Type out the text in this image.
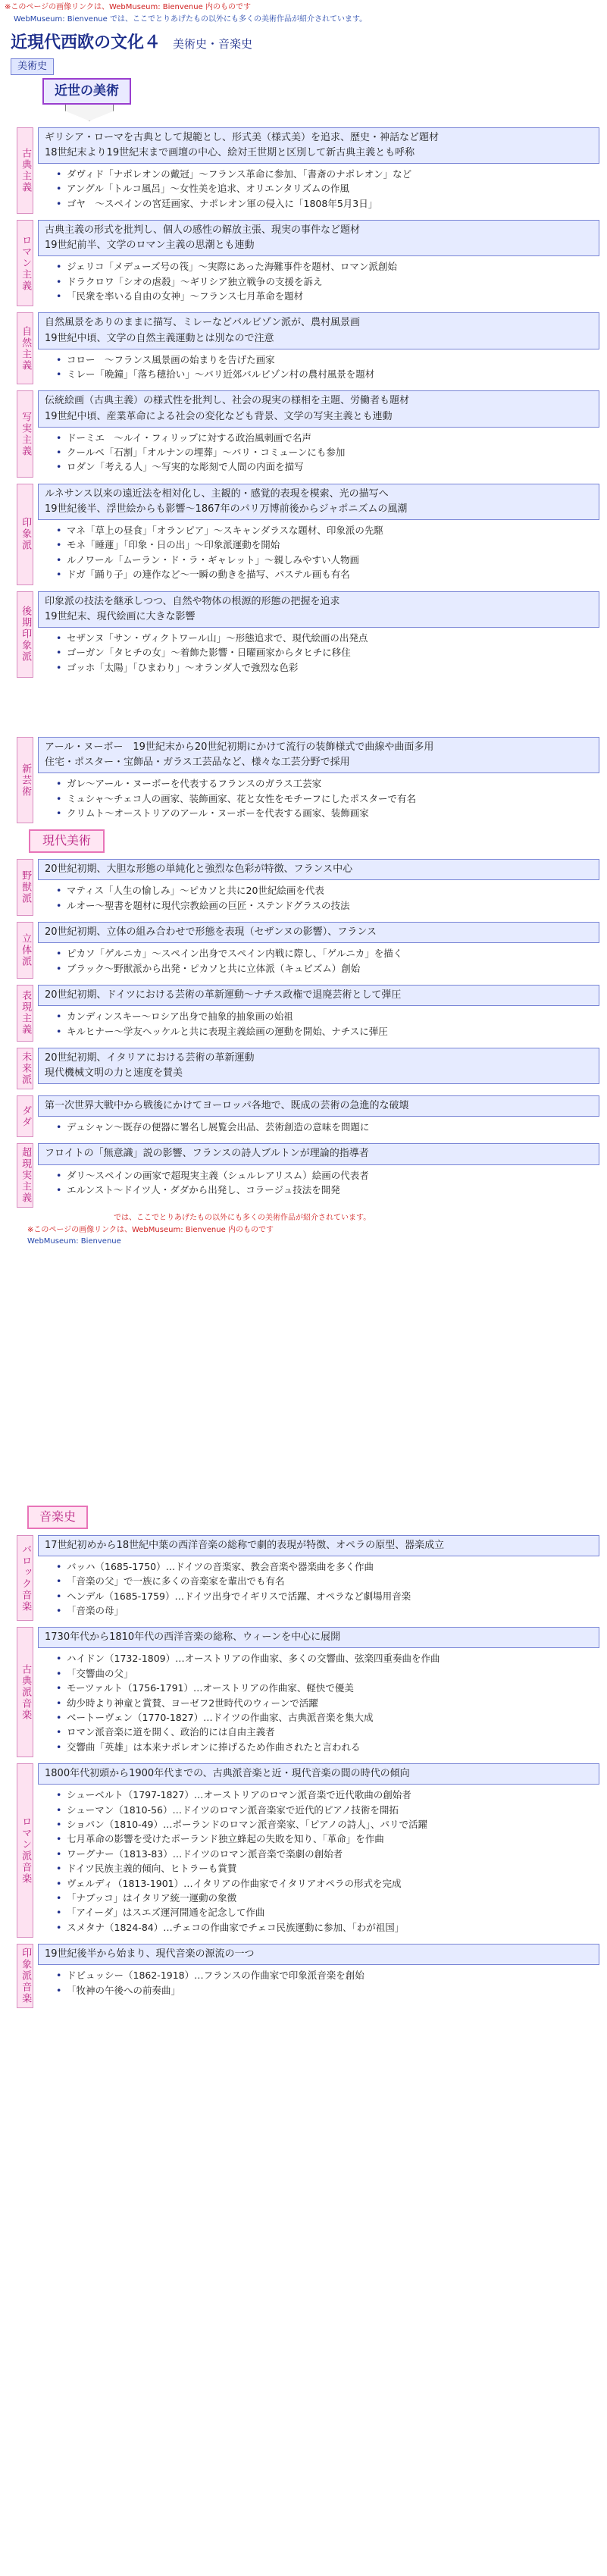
※このページの画像リンクは、WebMuseum: Bienvenue 内のものです
WebMuseum: Bienvenue では、ここでとりあげたもの以外にも多くの美術作品が紹介されています。
近現代西欧の文化４ 美術史・音楽史
美術史
近世の美術
古典主義
ギリシア・ローマを古典として規範とし、形式美（様式美）を追求、歴史・神話など題材
18世紀末より19世紀末まで画壇の中心、絵対王世期と区別して新古典主義とも呼称
• ダヴィド「ナポレオンの戴冠」〜フランス革命に参加、「書斎のナポレオン」など
• アングル「トルコ風呂」〜女性美を追求、オリエンタリズムの作風
• ゴヤ　〜スペインの宮廷画家、ナポレオン軍の侵入に「1808年5月3日」
ロマン主義
古典主義の形式を批判し、個人の感性の解放主張、現実の事件など題材
19世紀前半、文学のロマン主義の思潮とも連動
• ジェリコ「メデューズ号の筏」〜実際にあった海難事件を題材、ロマン派創始
• ドラクロワ「シオの虐殺」〜ギリシア独立戦争の支援を訴え
• 「民衆を率いる自由の女神」〜フランス七月革命を題材
自然主義
自然風景をありのままに描写、ミレーなどバルビゾン派が、農村風景画
19世紀中頃、文学の自然主義運動とは別なので注意
• コロー　〜フランス風景画の始まりを告げた画家
• ミレー「晩鐘」「落ち穂拾い」〜パリ近郊バルビゾン村の農村風景を題材
写実主義
伝統絵画（古典主義）の様式性を批判し、社会の現実の様相を主題、労働者も題材
19世紀中頃、産業革命による社会の変化なども背景、文学の写実主義とも連動
• ドーミエ　〜ルイ・フィリップに対する政治風刺画で名声
• クールベ「石割」「オルナンの埋葬」〜パリ・コミューンにも参加
• ロダン「考える人」〜写実的な彫刻で人間の内面を描写
印象派
ルネサンス以来の遠近法を相対化し、主観的・感覚的表現を模索、光の描写へ
19世紀後半、浮世絵からも影響〜1867年のパリ万博前後からジャポニズムの風潮
• マネ「草上の昼食」「オランピア」〜スキャンダラスな題材、印象派の先駆
• モネ「睡蓮」「印象・日の出」〜印象派運動を開始
• ルノワール「ムーラン・ド・ラ・ギャレット」〜親しみやすい人物画
• ドガ「踊り子」の連作など〜一瞬の動きを描写、パステル画も有名
後期印象派
印象派の技法を継承しつつ、自然や物体の根源的形態の把握を追求
19世紀末、現代絵画に大きな影響
• セザンヌ「サン・ヴィクトワール山」〜形態追求で、現代絵画の出発点
• ゴーガン「タヒチの女」〜着飾た影響・日曜画家からタヒチに移住
• ゴッホ「太陽」「ひまわり」〜オランダ人で強烈な色彩
新芸術
アール・ヌーボー　19世紀末から20世紀初期にかけて流行の装飾様式で曲線や曲面多用
住宅・ポスター・宝飾品・ガラス工芸品など、様々な工芸分野で採用
• ガレ〜アール・ヌーボーを代表するフランスのガラス工芸家
• ミュシャ〜チェコ人の画家、装飾画家、花と女性をモチーフにしたポスターで有名
• クリムト〜オーストリアのアール・ヌーボーを代表する画家、装飾画家
現代美術
野獣派
20世紀初期、大胆な形態の単純化と強烈な色彩が特徴、フランス中心
• マティス「人生の愉しみ」〜ピカソと共に20世紀絵画を代表
• ルオー〜聖書を題材に現代宗教絵画の巨匠・ステンドグラスの技法
立体派
20世紀初期、立体の組み合わせで形態を表現（セザンヌの影響）、フランス
• ピカソ「ゲルニカ」〜スペイン出身でスペイン内戦に際し、「ゲルニカ」を描く
• ブラック〜野獣派から出発・ピカソと共に立体派（キュビズム）創始
表現主義 20世紀初期、ドイツにおける芸術の革新運動〜ナチス政権で退廃芸術として弾圧
• カンディンスキー〜ロシア出身で抽象的抽象画の始祖
• キルヒナー〜学友ヘッケルと共に表現主義絵画の運動を開始、ナチスに弾圧
未来派 20世紀初期、イタリアにおける芸術の革新運動
現代機械文明の力と速度を賛美
ダダ 第一次世界大戦中から戦後にかけてヨーロッパ各地で、既成の芸術の急進的な破壊
• デュシャン〜既存の便器に署名し展覧会出品、芸術創造の意味を問題に
超現実主義 フロイトの「無意識」説の影響、フランスの詩人ブルトンが理論的指導者
• ダリ〜スペインの画家で超現実主義（シュルレアリスム）絵画の代表者
• エルンスト〜ドイツ人・ダダから出発し、コラージュ技法を開発
では、ここでとりあげたもの以外にも多くの美術作品が紹介されています。
※このページの画像リンクは、WebMuseum: Bienvenue 内のものです
WebMuseum: Bienvenue
音楽史
バロック音楽 17世紀初めから18世紀中葉の西洋音楽の総称で劇的表現が特徴、オペラの原型、器楽成立
• バッハ（1685-1750）…ドイツの音楽家、教会音楽や器楽曲を多く作曲
• 「音楽の父」で一族に多くの音楽家を輩出でも有名
• ヘンデル（1685-1759）…ドイツ出身でイギリスで活躍、オペラなど劇場用音楽
• 「音楽の母」
古典派音楽
1730年代から1810年代の西洋音楽の総称、ウィーンを中心に展開
• ハイドン（1732-1809）…オーストリアの作曲家、多くの交響曲、弦楽四重奏曲を作曲
• 「交響曲の父」
• モーツァルト（1756-1791）…オーストリアの作曲家、軽快で優美
• 幼少時より神童と賞賛、ヨーゼフ2世時代のウィーンで活躍
• ベートーヴェン（1770-1827）…ドイツの作曲家、古典派音楽を集大成
• ロマン派音楽に道を開く、政治的には自由主義者
• 交響曲「英雄」は本来ナポレオンに捧げるため作曲されたと言われる
ロマン派音楽
1800年代初頭から1900年代までの、古典派音楽と近・現代音楽の間の時代の傾向
• シューベルト（1797-1827）…オーストリアのロマン派音楽で近代歌曲の創始者
• シューマン（1810-56）…ドイツのロマン派音楽家で近代的ピアノ技術を開拓
• ショパン（1810-49）…ポーランドのロマン派音楽家、「ピアノの詩人」、パリで活躍
• 七月革命の影響を受けたポーランド独立蜂起の失敗を知り、「革命」を作曲
• ワーグナー（1813-83）…ドイツのロマン派音楽で楽劇の創始者
• ドイツ民族主義的傾向、ヒトラーも賞賛
• ヴェルディ（1813-1901）…イタリアの作曲家でイタリアオペラの形式を完成
• 「ナブッコ」はイタリア統一運動の象徴
• 「アイーダ」はスエズ運河開通を記念して作曲
• スメタナ（1824-84）…チェコの作曲家でチェコ民族運動に参加、「わが祖国」
印象派音楽 19世紀後半から始まり、現代音楽の源流の一つ
• ドビュッシー（1862-1918）…フランスの作曲家で印象派音楽を創始
• 「牧神の午後への前奏曲」
